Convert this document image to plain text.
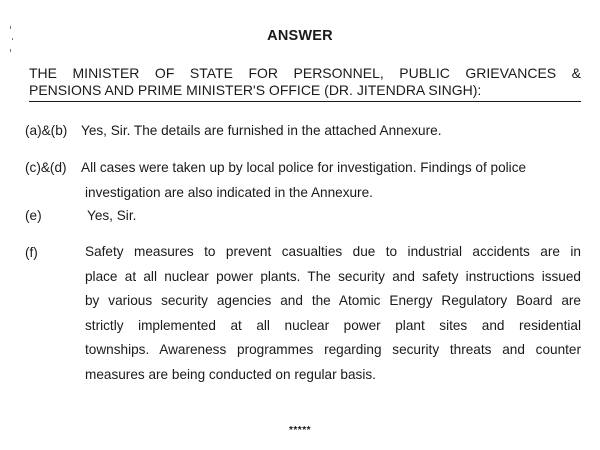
ANSWER
THE MINISTER OF STATE FOR PERSONNEL, PUBLIC GRIEVANCES &
PENSIONS AND PRIME MINISTER'S OFFICE (DR. JITENDRA SINGH):
(a)&(b) Yes, Sir. The details are furnished in the attached Annexure.
(c)&(d) All cases were taken up by local police for investigation. Findings of police
investigation are also indicated in the Annexure.
(e)	Yes, Sir.
(f)	Safety measures to prevent casualties due to industrial accidents are in
place at all nuclear power plants. The security and safety instructions issued
by various security agencies and the Atomic Energy Regulatory Board are
strictly implemented at all nuclear power plant sites and residential
townships. Awareness programmes regarding security threats and counter
measures are being conducted on regular basis.
*****
